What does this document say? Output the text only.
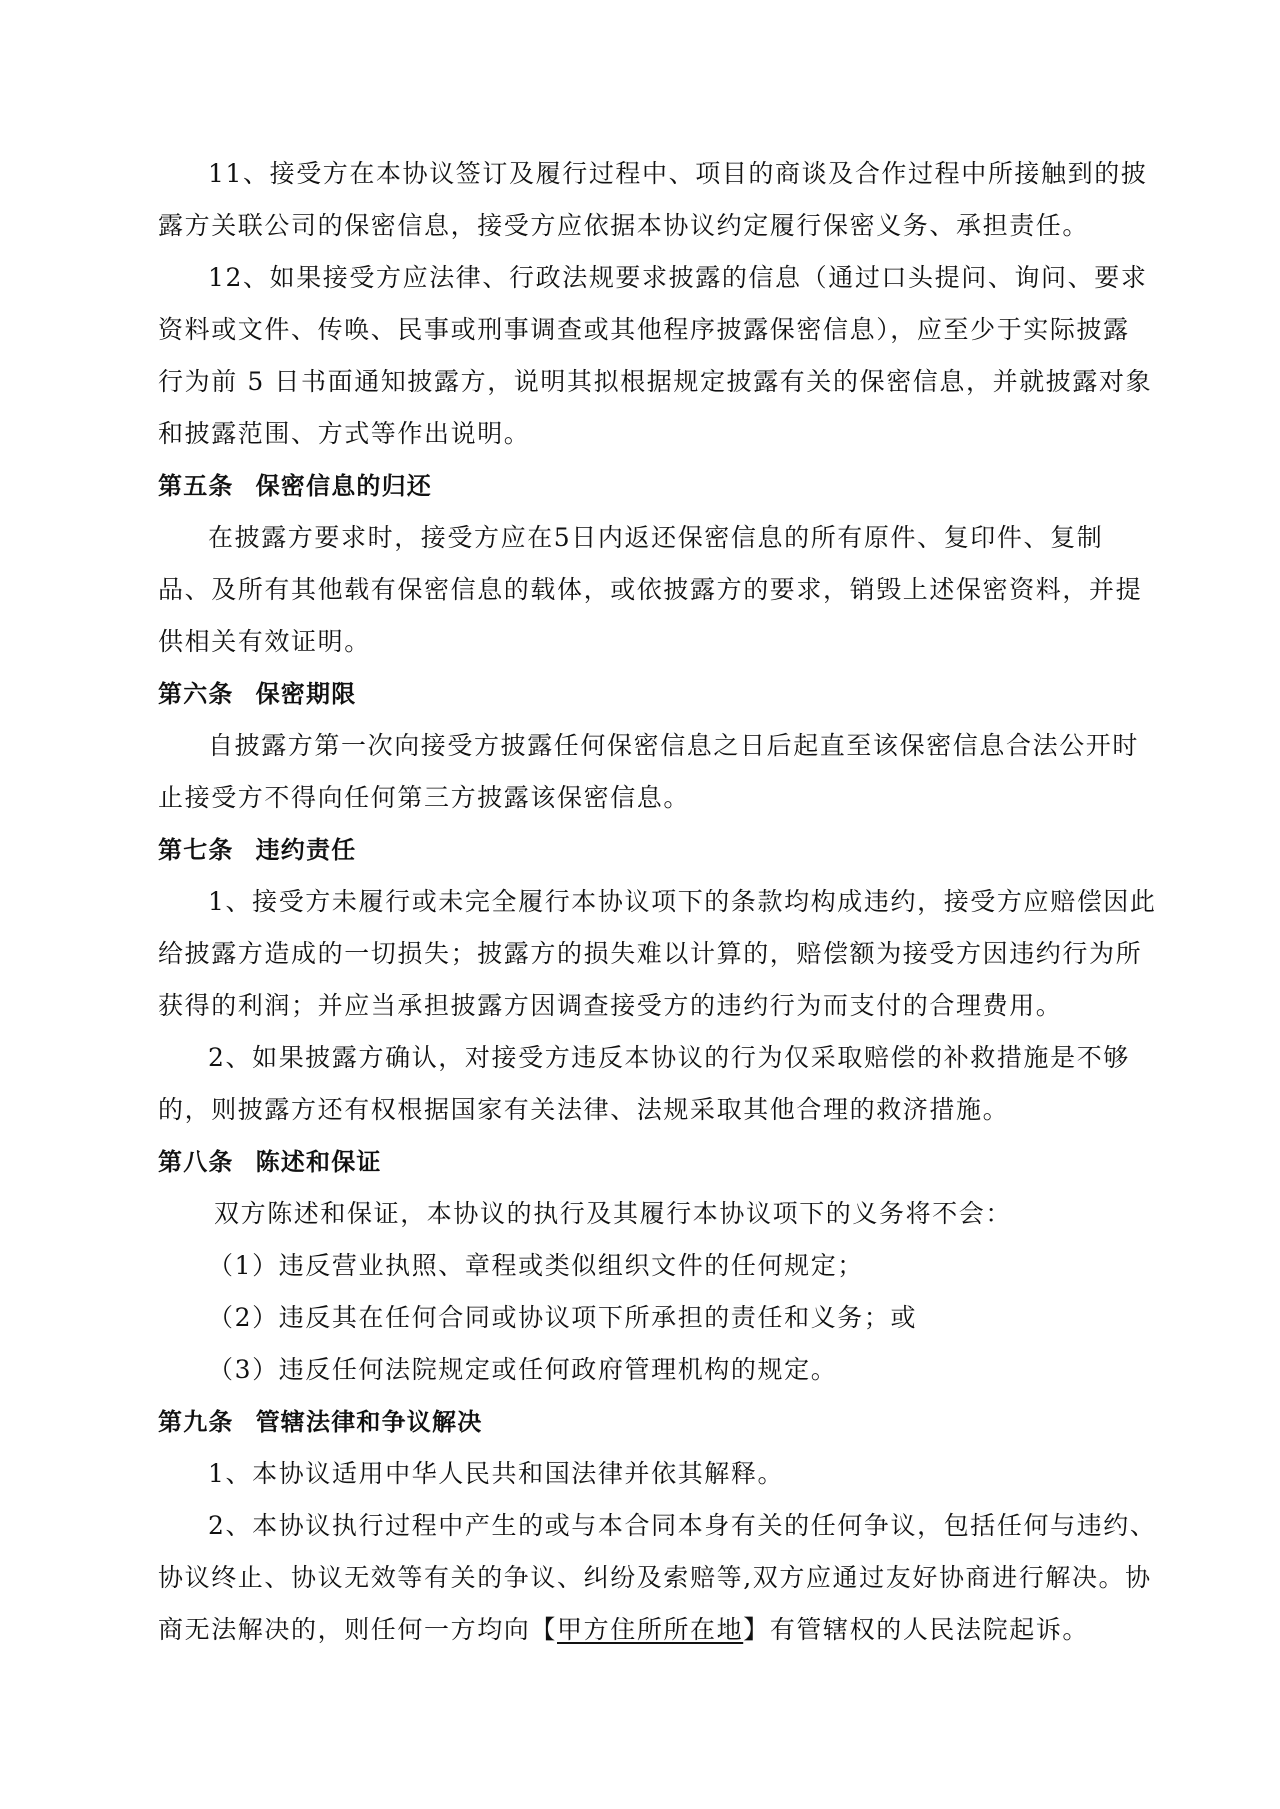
11、接受方在本协议签订及履行过程中、项目的商谈及合作过程中所接触到的披
露方关联公司的保密信息，接受方应依据本协议约定履行保密义务、承担责任。
12、如果接受方应法律、行政法规要求披露的信息（通过口头提问、询问、要求
资料或文件、传唤、民事或刑事调查或其他程序披露保密信息），应至少于实际披露
行为前 5 日书面通知披露方，说明其拟根据规定披露有关的保密信息，并就披露对象
和披露范围、方式等作出说明。
第五条 保密信息的归还
在披露方要求时，接受方应在5日内返还保密信息的所有原件、复印件、复制
品、及所有其他载有保密信息的载体，或依披露方的要求，销毁上述保密资料，并提
供相关有效证明。
第六条 保密期限
自披露方第一次向接受方披露任何保密信息之日后起直至该保密信息合法公开时
止接受方不得向任何第三方披露该保密信息。
第七条 违约责任
1、接受方未履行或未完全履行本协议项下的条款均构成违约，接受方应赔偿因此
给披露方造成的一切损失；披露方的损失难以计算的，赔偿额为接受方因违约行为所
获得的利润；并应当承担披露方因调查接受方的违约行为而支付的合理费用。
2、如果披露方确认，对接受方违反本协议的行为仅采取赔偿的补救措施是不够
的，则披露方还有权根据国家有关法律、法规采取其他合理的救济措施。
第八条 陈述和保证
双方陈述和保证，本协议的执行及其履行本协议项下的义务将不会：
（1）违反营业执照、章程或类似组织文件的任何规定；
（2）违反其在任何合同或协议项下所承担的责任和义务；或
（3）违反任何法院规定或任何政府管理机构的规定。
第九条 管辖法律和争议解决
1、本协议适用中华人民共和国法律并依其解释。
2、本协议执行过程中产生的或与本合同本身有关的任何争议，包括任何与违约、
协议终止、协议无效等有关的争议、纠纷及索赔等,双方应通过友好协商进行解决。协
商无法解决的，则任何一方均向【甲方住所所在地】有管辖权的人民法院起诉。
